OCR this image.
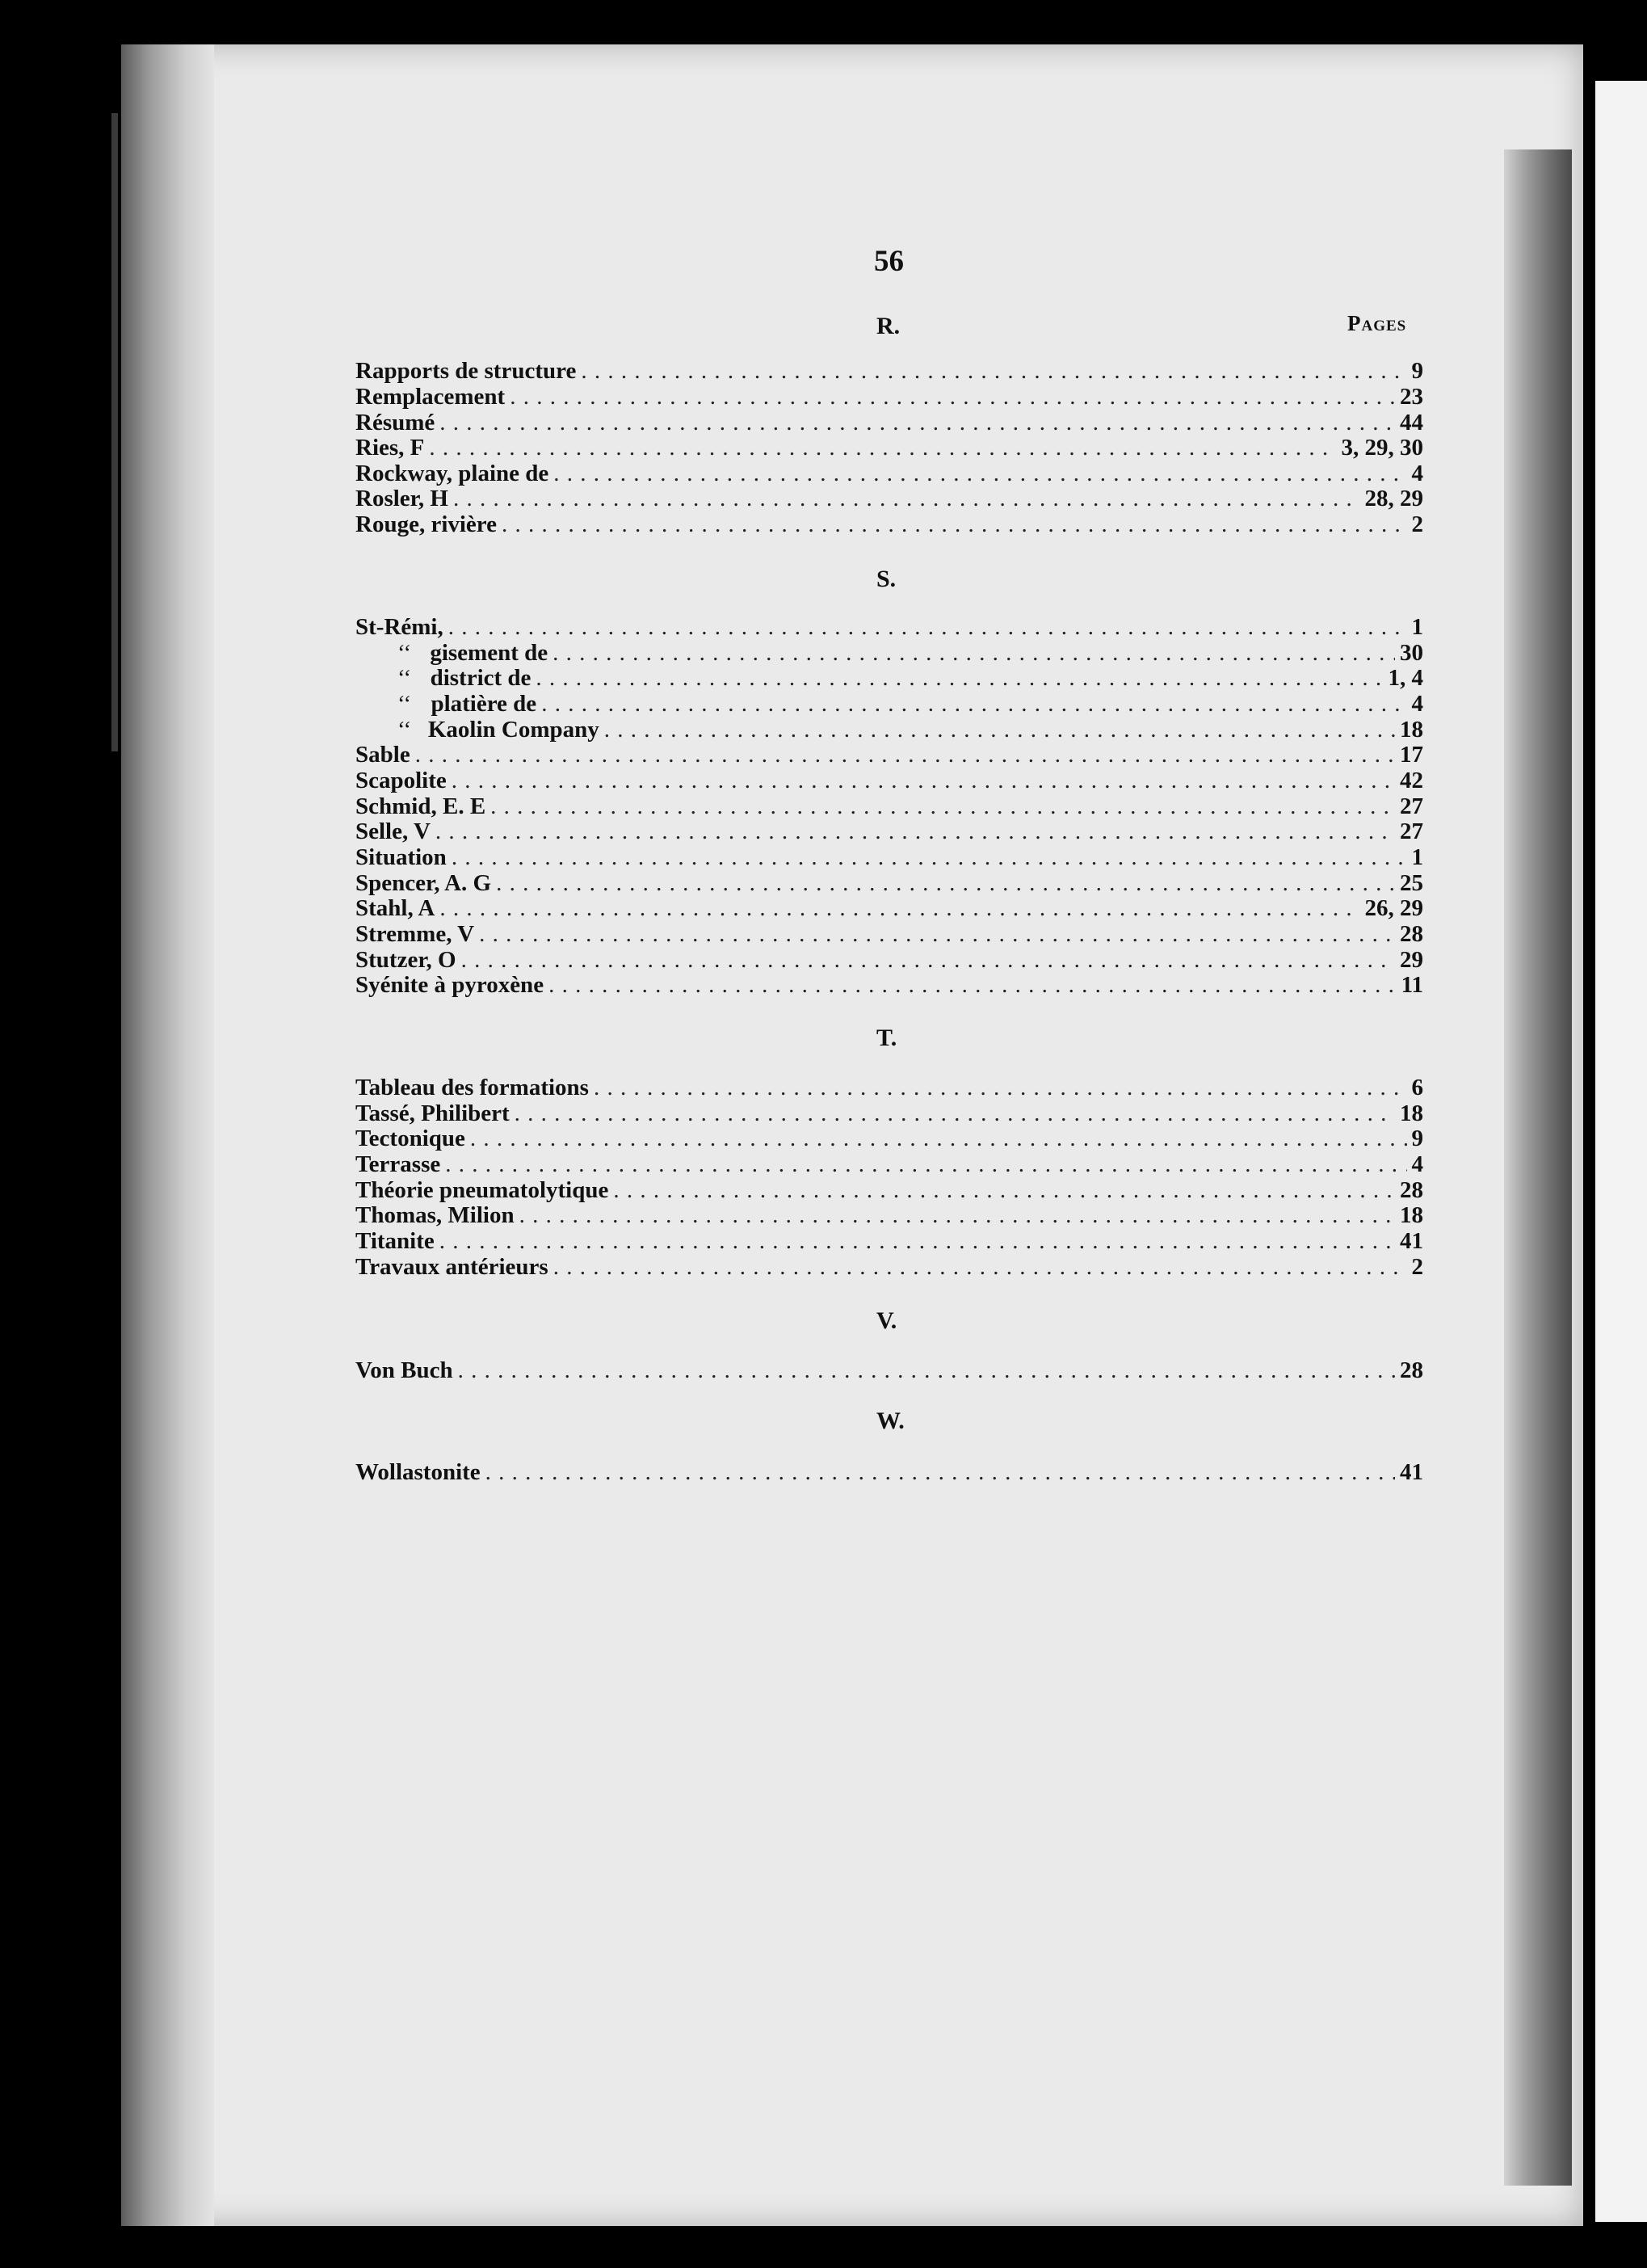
56
Pages
R.
Rapports de structure . . .	9
Remplacement . . .	23
Résumé . . .	44
Ries, F . . .	3, 29, 30
Rockway, plaine de . . .	4
Rosler, H . . .	28, 29
Rouge, rivière . . .	2
S.
St-Rémi, . . .	1
‘‘ gisement de . . .	30
‘‘ district de . . .	1, 4
‘‘ platière de . . .	4
‘‘ Kaolin Company . . .	18
Sable . . .	17
Scapolite . . .	42
Schmid, E. E . . .	27
Selle, V . . .	27
Situation . . .	1
Spencer, A. G . . .	25
Stahl, A . . .	26, 29
Stremme, V . . .	28
Stutzer, O . . .	29
Syénite à pyroxène . . .	11
T.
Tableau des formations . . .	6
Tassé, Philibert . . .	18
Tectonique . . .	9
Terrasse . . .	4
Théorie pneumatolytique . . .	28
Thomas, Milion . . .	18
Titanite . . .	41
Travaux antérieurs . . .	2
V.
Von Buch . . .	28
W.
Wollastonite . . .	41
